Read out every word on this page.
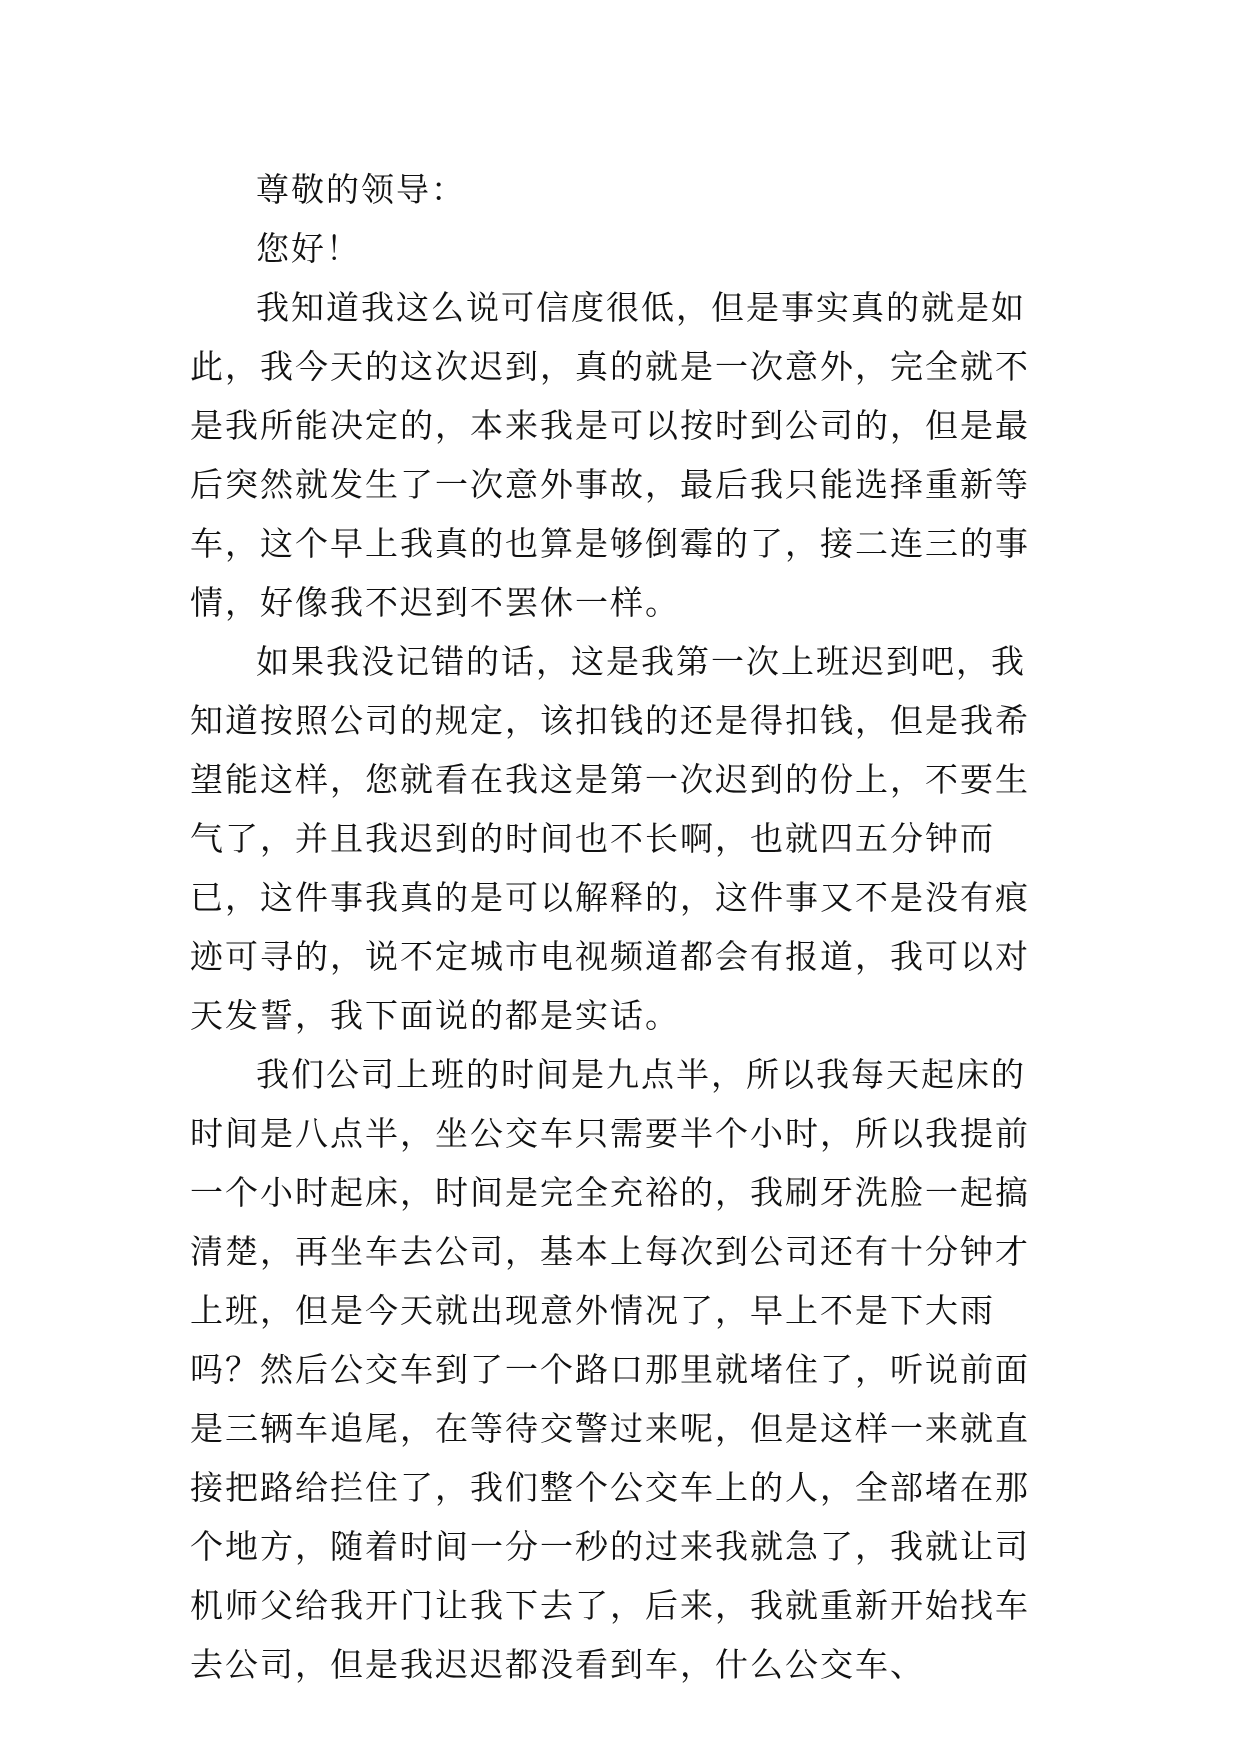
尊敬的领导：

您好！

我知道我这么说可信度很低，但是事实真的就是如此，我今天的这次迟到，真的就是一次意外，完全就不是我所能决定的，本来我是可以按时到公司的，但是最后突然就发生了一次意外事故，最后我只能选择重新等车，这个早上我真的也算是够倒霉的了，接二连三的事情，好像我不迟到不罢休一样。

如果我没记错的话，这是我第一次上班迟到吧，我知道按照公司的规定，该扣钱的还是得扣钱，但是我希望能这样，您就看在我这是第一次迟到的份上，不要生气了，并且我迟到的时间也不长啊，也就四五分钟而已，这件事我真的是可以解释的，这件事又不是没有痕迹可寻的，说不定城市电视频道都会有报道，我可以对天发誓，我下面说的都是实话。

我们公司上班的时间是九点半，所以我每天起床的时间是八点半，坐公交车只需要半个小时，所以我提前一个小时起床，时间是完全充裕的，我刷牙洗脸一起搞清楚，再坐车去公司，基本上每次到公司还有十分钟才上班，但是今天就出现意外情况了，早上不是下大雨吗？然后公交车到了一个路口那里就堵住了，听说前面是三辆车追尾，在等待交警过来呢，但是这样一来就直接把路给拦住了，我们整个公交车上的人，全部堵在那个地方，随着时间一分一秒的过来我就急了，我就让司机师父给我开门让我下去了，后来，我就重新开始找车去公司，但是我迟迟都没看到车，什么公交车、
